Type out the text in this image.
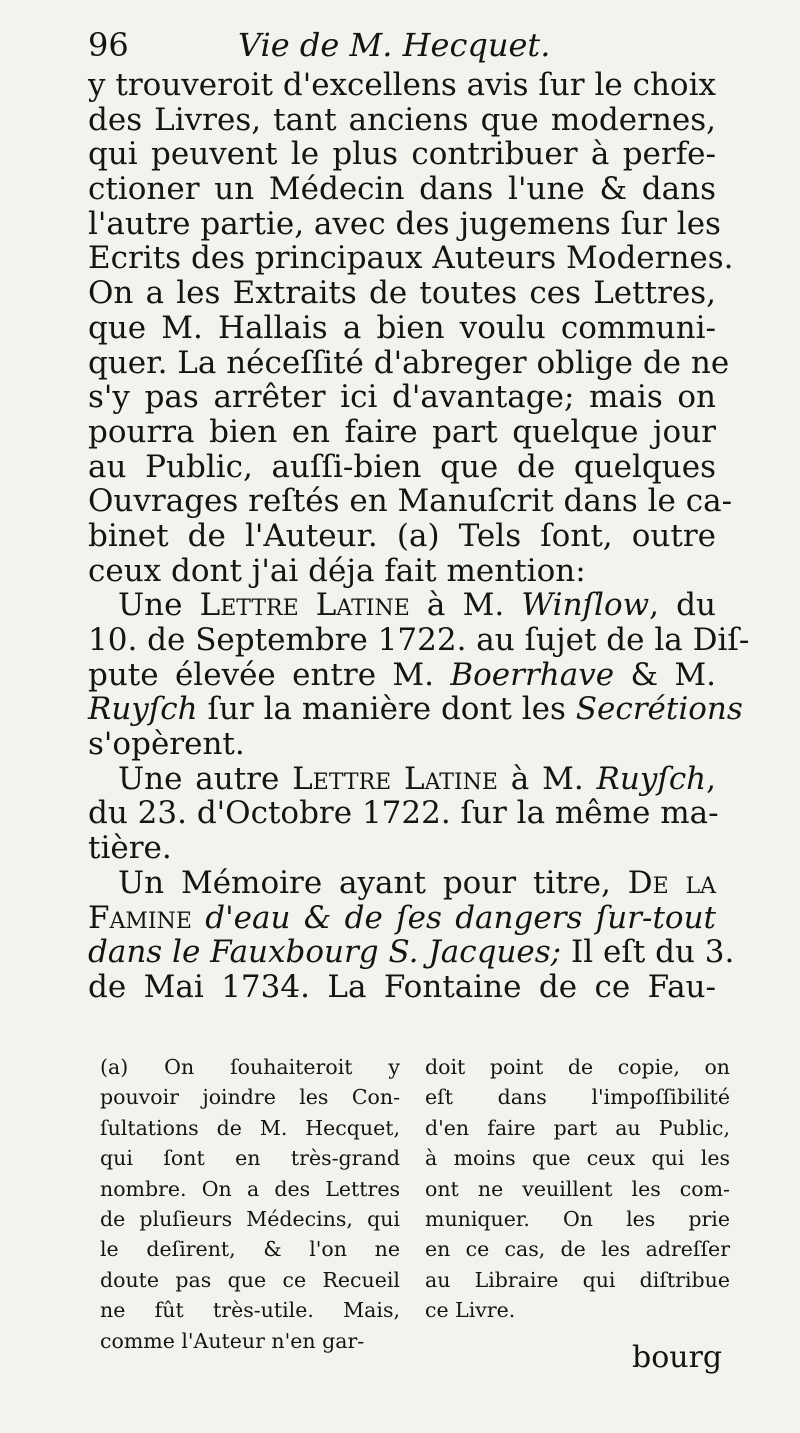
96	Vie de M. Hecquet.
y trouveroit d'excellens avis ſur le choix
des Livres, tant anciens que modernes,
qui peuvent le plus contribuer à perfe-
ctioner un Médecin dans l'une & dans
l'autre partie, avec des jugemens ſur les
Ecrits des principaux Auteurs Modernes.
On a les Extraits de toutes ces Lettres,
que M. Hallais a bien voulu communi-
quer. La néceſſité d'abreger oblige de ne
s'y pas arrêter ici d'avantage; mais on
pourra bien en faire part quelque jour
au Public, auſſi-bien que de quelques
Ouvrages reſtés en Manuſcrit dans le ca-
binet de l'Auteur. (a) Tels ſont, outre
ceux dont j'ai déja fait mention:
Une Lettre Latine à M. Winſlow, du
10. de Septembre 1722. au ſujet de la Diſ-
pute élevée entre M. Boerrhave & M.
Ruyſch ſur la manière dont les Secrétions
s'opèrent.
Une autre Lettre Latine à M. Ruyſch,
du 23. d'Octobre 1722. ſur la même ma-
tière.
Un Mémoire ayant pour titre, De la
Famine d'eau & de ſes dangers ſur-tout
dans le Fauxbourg S. Jacques; Il eſt du 3.
de Mai 1734. La Fontaine de ce Fau-
(a) On ſouhaiteroit y
pouvoir joindre les Con-
ſultations de M. Hecquet,
qui ſont en très-grand
nombre. On a des Lettres
de pluſieurs Médecins, qui
le deſirent, & l'on ne
doute pas que ce Recueil
ne fût très-utile. Mais,
comme l'Auteur n'en gar-
doit point de copie, on
eſt dans l'impoſſibilité
d'en faire part au Public,
à moins que ceux qui les
ont ne veuillent les com-
muniquer. On les prie
en ce cas, de les adreſſer
au Libraire qui diſtribue
ce Livre.
bourg
